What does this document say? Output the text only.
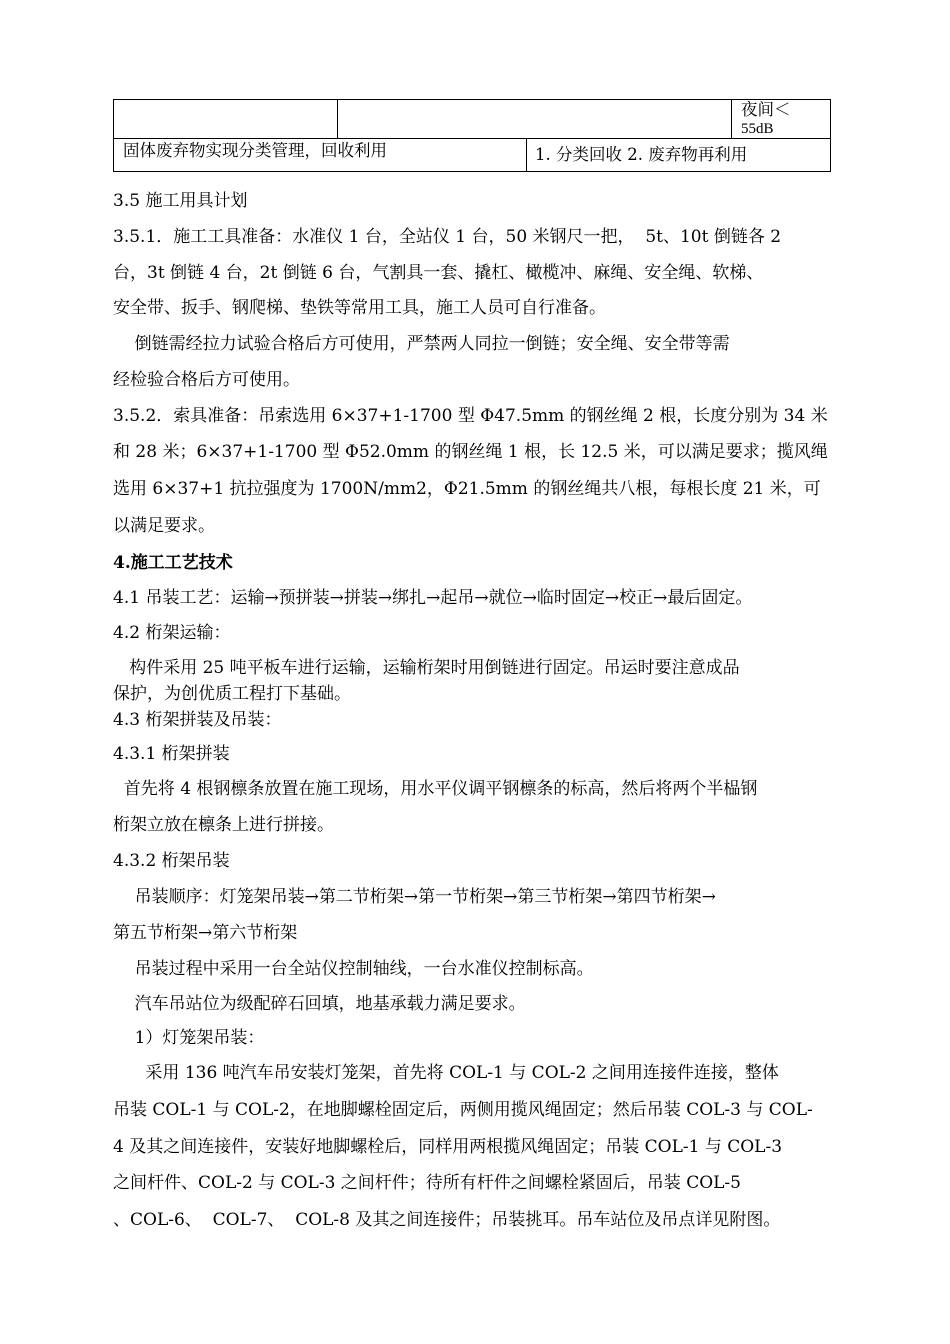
夜间＜
55dB
固体废弃物实现分类管理，回收利用	1. 分类回收 2. 废弃物再利用
3.5 施工用具计划
3.5.1．施工工具准备：水准仪 1 台，全站仪 1 台，50 米钢尺一把，  5t、10t 倒链各 2
台，3t 倒链 4 台，2t 倒链 6 台，气割具一套、撬杠、橄榄冲、麻绳、安全绳、软梯、
安全带、扳手、钢爬梯、垫铁等常用工具，施工人员可自行准备。
倒链需经拉力试验合格后方可使用，严禁两人同拉一倒链；安全绳、安全带等需
经检验合格后方可使用。
3.5.2．索具准备：吊索选用 6×37+1-1700 型 Φ47.5mm 的钢丝绳 2 根，长度分别为 34 米
和 28 米；6×37+1-1700 型 Φ52.0mm 的钢丝绳 1 根，长 12.5 米，可以满足要求；揽风绳
选用 6×37+1 抗拉强度为 1700N/mm2，Φ21.5mm 的钢丝绳共八根，每根长度 21 米，可
以满足要求。
4.施工工艺技术
4.1 吊装工艺：运输→预拼装→拼装→绑扎→起吊→就位→临时固定→校正→最后固定。
4.2 桁架运输：
构件采用 25 吨平板车进行运输，运输桁架时用倒链进行固定。吊运时要注意成品
保护，为创优质工程打下基础。
4.3 桁架拼装及吊装：
4.3.1 桁架拼装
首先将 4 根钢檩条放置在施工现场，用水平仪调平钢檩条的标高，然后将两个半榀钢
桁架立放在檩条上进行拼接。
4.3.2 桁架吊装
吊装顺序：灯笼架吊装→第二节桁架→第一节桁架→第三节桁架→第四节桁架→
第五节桁架→第六节桁架
吊装过程中采用一台全站仪控制轴线，一台水准仪控制标高。
汽车吊站位为级配碎石回填，地基承载力满足要求。
1）灯笼架吊装：
采用 136 吨汽车吊安装灯笼架，首先将 COL-1 与 COL-2 之间用连接件连接，整体
吊装 COL-1 与 COL-2，在地脚螺栓固定后，两侧用揽风绳固定；然后吊装 COL-3 与 COL-
4 及其之间连接件，安装好地脚螺栓后，同样用两根揽风绳固定；吊装 COL-1 与 COL-3
之间杆件、COL-2 与 COL-3 之间杆件；待所有杆件之间螺栓紧固后，吊装 COL-5
、COL-6、  COL-7、  COL-8 及其之间连接件；吊装挑耳。吊车站位及吊点详见附图。
